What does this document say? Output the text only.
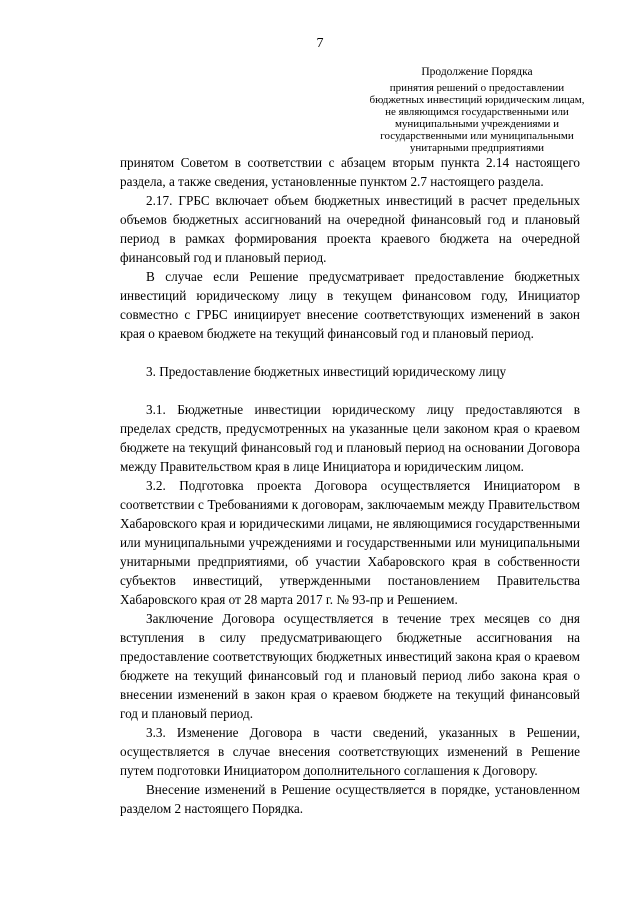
7

Продолжение Порядка

принятия решений о предоставлении
бюджетных инвестиций юридическим лицам,
не являющимся государственными или
муниципальными учреждениями и
государственными или муниципальными
унитарными предприятиями

принятом Советом в соответствии с абзацем вторым пункта 2.14 настоящего раздела, а также сведения, установленные пунктом 2.7 настоящего раздела.

2.17. ГРБС включает объем бюджетных инвестиций в расчет предельных объемов бюджетных ассигнований на очередной финансовый год и плановый период в рамках формирования проекта краевого бюджета на очередной финансовый год и плановый период.

В случае если Решение предусматривает предоставление бюджетных инвестиций юридическому лицу в текущем финансовом году, Инициатор совместно с ГРБС инициирует внесение соответствующих изменений в закон края о краевом бюджете на текущий финансовый год и плановый период.

3. Предоставление бюджетных инвестиций юридическому лицу

3.1. Бюджетные инвестиции юридическому лицу предоставляются в пределах средств, предусмотренных на указанные цели законом края о краевом бюджете на текущий финансовый год и плановый период на основании Договора между Правительством края в лице Инициатора и юридическим лицом.

3.2. Подготовка проекта Договора осуществляется Инициатором в соответствии с Требованиями к договорам, заключаемым между Правительством Хабаровского края и юридическими лицами, не являющимися государственными или муниципальными учреждениями и государственными или муниципальными унитарными предприятиями, об участии Хабаровского края в собственности субъектов инвестиций, утвержденными постановлением Правительства Хабаровского края от 28 марта 2017 г. № 93-пр и Решением.

Заключение Договора осуществляется в течение трех месяцев со дня вступления в силу предусматривающего бюджетные ассигнования на предоставление соответствующих бюджетных инвестиций закона края о краевом бюджете на текущий финансовый год и плановый период либо закона края о внесении изменений в закон края о краевом бюджете на текущий финансовый год и плановый период.

3.3. Изменение Договора в части сведений, указанных в Решении, осуществляется в случае внесения соответствующих изменений в Решение путем подготовки Инициатором дополнительного соглашения к Договору.

Внесение изменений в Решение осуществляется в порядке, установленном разделом 2 настоящего Порядка.
